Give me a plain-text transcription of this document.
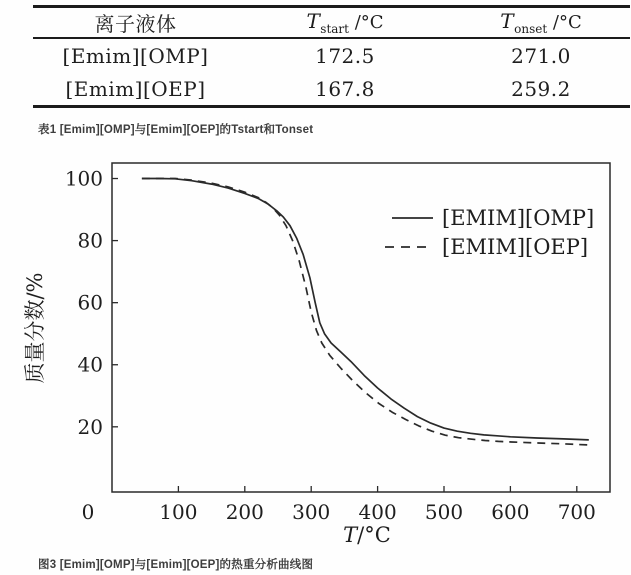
离子液体	$T_{start}$ /°C	$T_{onset}$ /°C
[Emim][OMP]	172.5	271.0
[Emim][OEP]	167.8	259.2
表1 [Emim][OMP]与[Emim][OEP]的Tstart和Tonset
0	100 200 300 400 500 600 700
20
40
60
80
100
T/°C
质量分数/%
[EMIM][OMP]
[EMIM][OEP]
图3 [Emim][OMP]与[Emim][OEP]的热重分析曲线图
